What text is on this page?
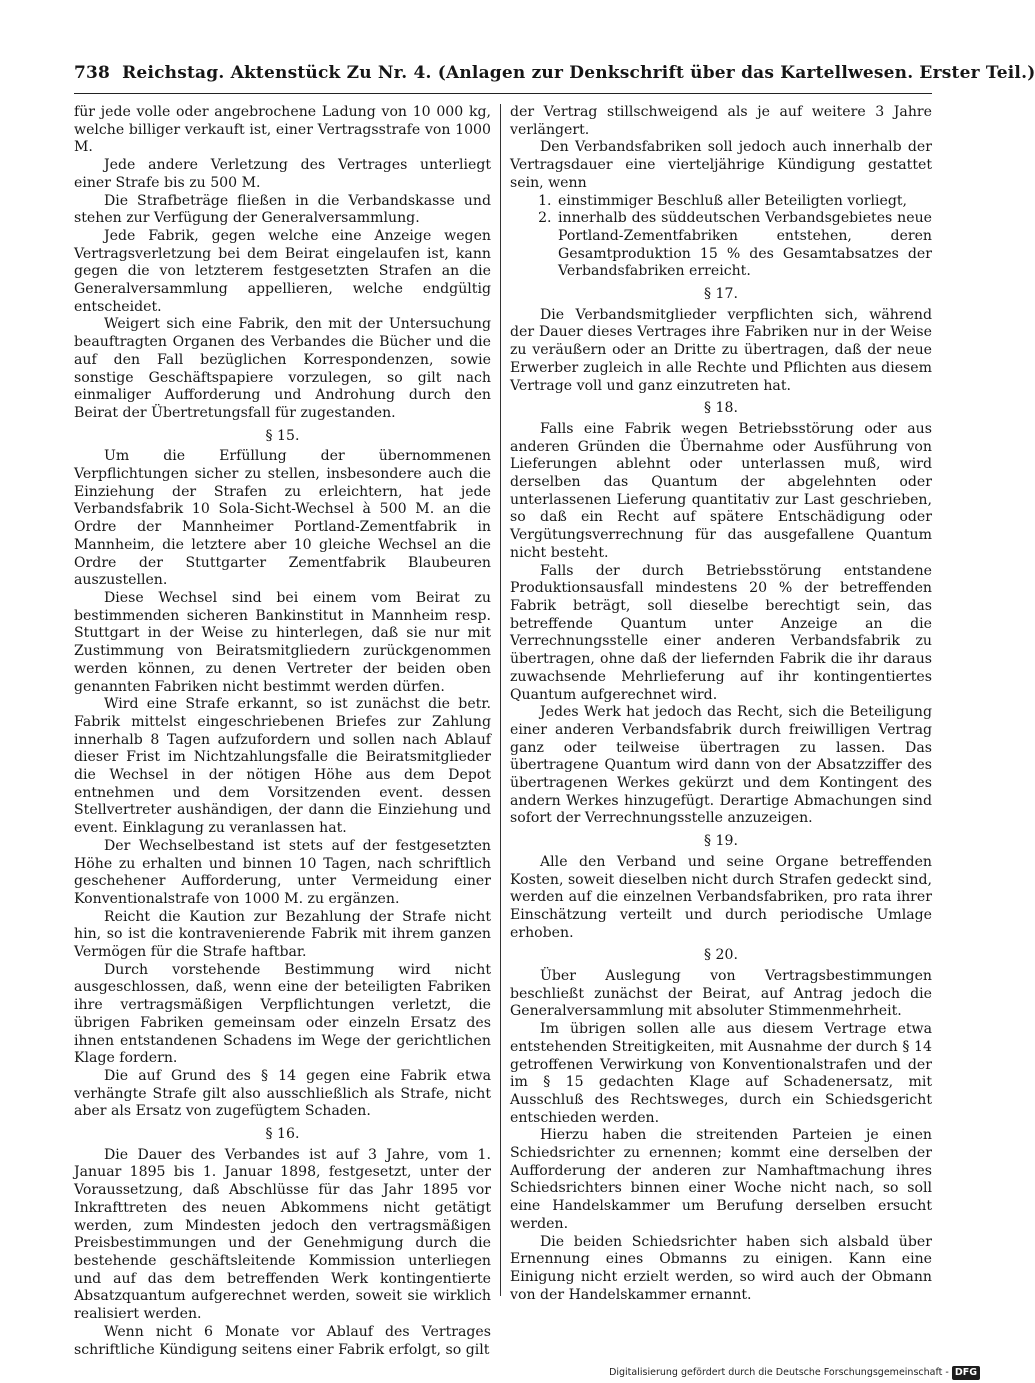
738 Reichstag. Aktenstück Zu Nr. 4. (Anlagen zur Denkschrift über das Kartellwesen. Erster Teil.)

für jede volle oder angebrochene Ladung von 10 000 kg, welche billiger verkauft ist, einer Vertragsstrafe von 1000 M.

Jede andere Verletzung des Vertrages unterliegt einer Strafe bis zu 500 M.

Die Strafbeträge fließen in die Verbandskasse und stehen zur Verfügung der Generalversammlung.

Jede Fabrik, gegen welche eine Anzeige wegen Vertragsverletzung bei dem Beirat eingelaufen ist, kann gegen die von letzterem festgesetzten Strafen an die Generalversammlung appellieren, welche endgültig entscheidet.

Weigert sich eine Fabrik, den mit der Untersuchung beauftragten Organen des Verbandes die Bücher und die auf den Fall bezüglichen Korrespondenzen, sowie sonstige Geschäftspapiere vorzulegen, so gilt nach einmaliger Aufforderung und Androhung durch den Beirat der Übertretungsfall für zugestanden.

§ 15.

Um die Erfüllung der übernommenen Verpflichtungen sicher zu stellen, insbesondere auch die Einziehung der Strafen zu erleichtern, hat jede Verbandsfabrik 10 Sola-Sicht-Wechsel à 500 M. an die Ordre der Mannheimer Portland-Zementfabrik in Mannheim, die letztere aber 10 gleiche Wechsel an die Ordre der Stuttgarter Zementfabrik Blaubeuren auszustellen.

Diese Wechsel sind bei einem vom Beirat zu bestimmenden sicheren Bankinstitut in Mannheim resp. Stuttgart in der Weise zu hinterlegen, daß sie nur mit Zustimmung von Beiratsmitgliedern zurückgenommen werden können, zu denen Vertreter der beiden oben genannten Fabriken nicht bestimmt werden dürfen.

Wird eine Strafe erkannt, so ist zunächst die betr. Fabrik mittelst eingeschriebenen Briefes zur Zahlung innerhalb 8 Tagen aufzufordern und sollen nach Ablauf dieser Frist im Nichtzahlungsfalle die Beiratsmitglieder die Wechsel in der nötigen Höhe aus dem Depot entnehmen und dem Vorsitzenden event. dessen Stellvertreter aushändigen, der dann die Einziehung und event. Einklagung zu veranlassen hat.

Der Wechselbestand ist stets auf der festgesetzten Höhe zu erhalten und binnen 10 Tagen, nach schriftlich geschehener Aufforderung, unter Vermeidung einer Konventionalstrafe von 1000 M. zu ergänzen.

Reicht die Kaution zur Bezahlung der Strafe nicht hin, so ist die kontravenierende Fabrik mit ihrem ganzen Vermögen für die Strafe haftbar.

Durch vorstehende Bestimmung wird nicht ausgeschlossen, daß, wenn eine der beteiligten Fabriken ihre vertragsmäßigen Verpflichtungen verletzt, die übrigen Fabriken gemeinsam oder einzeln Ersatz des ihnen entstandenen Schadens im Wege der gerichtlichen Klage fordern.

Die auf Grund des § 14 gegen eine Fabrik etwa verhängte Strafe gilt also ausschließlich als Strafe, nicht aber als Ersatz von zugefügtem Schaden.

§ 16.

Die Dauer des Verbandes ist auf 3 Jahre, vom 1. Januar 1895 bis 1. Januar 1898, festgesetzt, unter der Voraussetzung, daß Abschlüsse für das Jahr 1895 vor Inkrafttreten des neuen Abkommens nicht getätigt werden, zum Mindesten jedoch den vertragsmäßigen Preisbestimmungen und der Genehmigung durch die bestehende geschäftsleitende Kommission unterliegen und auf das dem betreffenden Werk kontingentierte Absatzquantum aufgerechnet werden, soweit sie wirklich realisiert werden.

Wenn nicht 6 Monate vor Ablauf des Vertrages schriftliche Kündigung seitens einer Fabrik erfolgt, so gilt

der Vertrag stillschweigend als je auf weitere 3 Jahre verlängert.

Den Verbandsfabriken soll jedoch auch innerhalb der Vertragsdauer eine vierteljährige Kündigung gestattet sein, wenn

1. einstimmiger Beschluß aller Beteiligten vorliegt,
2. innerhalb des süddeutschen Verbandsgebietes neue Portland-Zementfabriken entstehen, deren Gesamtproduktion 15 % des Gesamtabsatzes der Verbandsfabriken erreicht.
§ 17.

Die Verbandsmitglieder verpflichten sich, während der Dauer dieses Vertrages ihre Fabriken nur in der Weise zu veräußern oder an Dritte zu übertragen, daß der neue Erwerber zugleich in alle Rechte und Pflichten aus diesem Vertrage voll und ganz einzutreten hat.

§ 18.

Falls eine Fabrik wegen Betriebsstörung oder aus anderen Gründen die Übernahme oder Ausführung von Lieferungen ablehnt oder unterlassen muß, wird derselben das Quantum der abgelehnten oder unterlassenen Lieferung quantitativ zur Last geschrieben, so daß ein Recht auf spätere Entschädigung oder Vergütungsverrechnung für das ausgefallene Quantum nicht besteht.

Falls der durch Betriebsstörung entstandene Produktionsausfall mindestens 20 % der betreffenden Fabrik beträgt, soll dieselbe berechtigt sein, das betreffende Quantum unter Anzeige an die Verrechnungsstelle einer anderen Verbandsfabrik zu übertragen, ohne daß der liefernden Fabrik die ihr daraus zuwachsende Mehrlieferung auf ihr kontingentiertes Quantum aufgerechnet wird.

Jedes Werk hat jedoch das Recht, sich die Beteiligung einer anderen Verbandsfabrik durch freiwilligen Vertrag ganz oder teilweise übertragen zu lassen. Das übertragene Quantum wird dann von der Absatzziffer des übertragenen Werkes gekürzt und dem Kontingent des andern Werkes hinzugefügt. Derartige Abmachungen sind sofort der Verrechnungsstelle anzuzeigen.

§ 19.

Alle den Verband und seine Organe betreffenden Kosten, soweit dieselben nicht durch Strafen gedeckt sind, werden auf die einzelnen Verbandsfabriken, pro rata ihrer Einschätzung verteilt und durch periodische Umlage erhoben.

§ 20.

Über Auslegung von Vertragsbestimmungen beschließt zunächst der Beirat, auf Antrag jedoch die Generalversammlung mit absoluter Stimmenmehrheit.

Im übrigen sollen alle aus diesem Vertrage etwa entstehenden Streitigkeiten, mit Ausnahme der durch § 14 getroffenen Verwirkung von Konventionalstrafen und der im § 15 gedachten Klage auf Schadenersatz, mit Ausschluß des Rechtsweges, durch ein Schiedsgericht entschieden werden.

Hierzu haben die streitenden Parteien je einen Schiedsrichter zu ernennen; kommt eine derselben der Aufforderung der anderen zur Namhaftmachung ihres Schiedsrichters binnen einer Woche nicht nach, so soll eine Handelskammer um Berufung derselben ersucht werden.

Die beiden Schiedsrichter haben sich alsbald über Ernennung eines Obmanns zu einigen. Kann eine Einigung nicht erzielt werden, so wird auch der Obmann von der Handelskammer ernannt.

Digitalisierung gefördert durch die Deutsche Forschungsgemeinschaft - DFG
